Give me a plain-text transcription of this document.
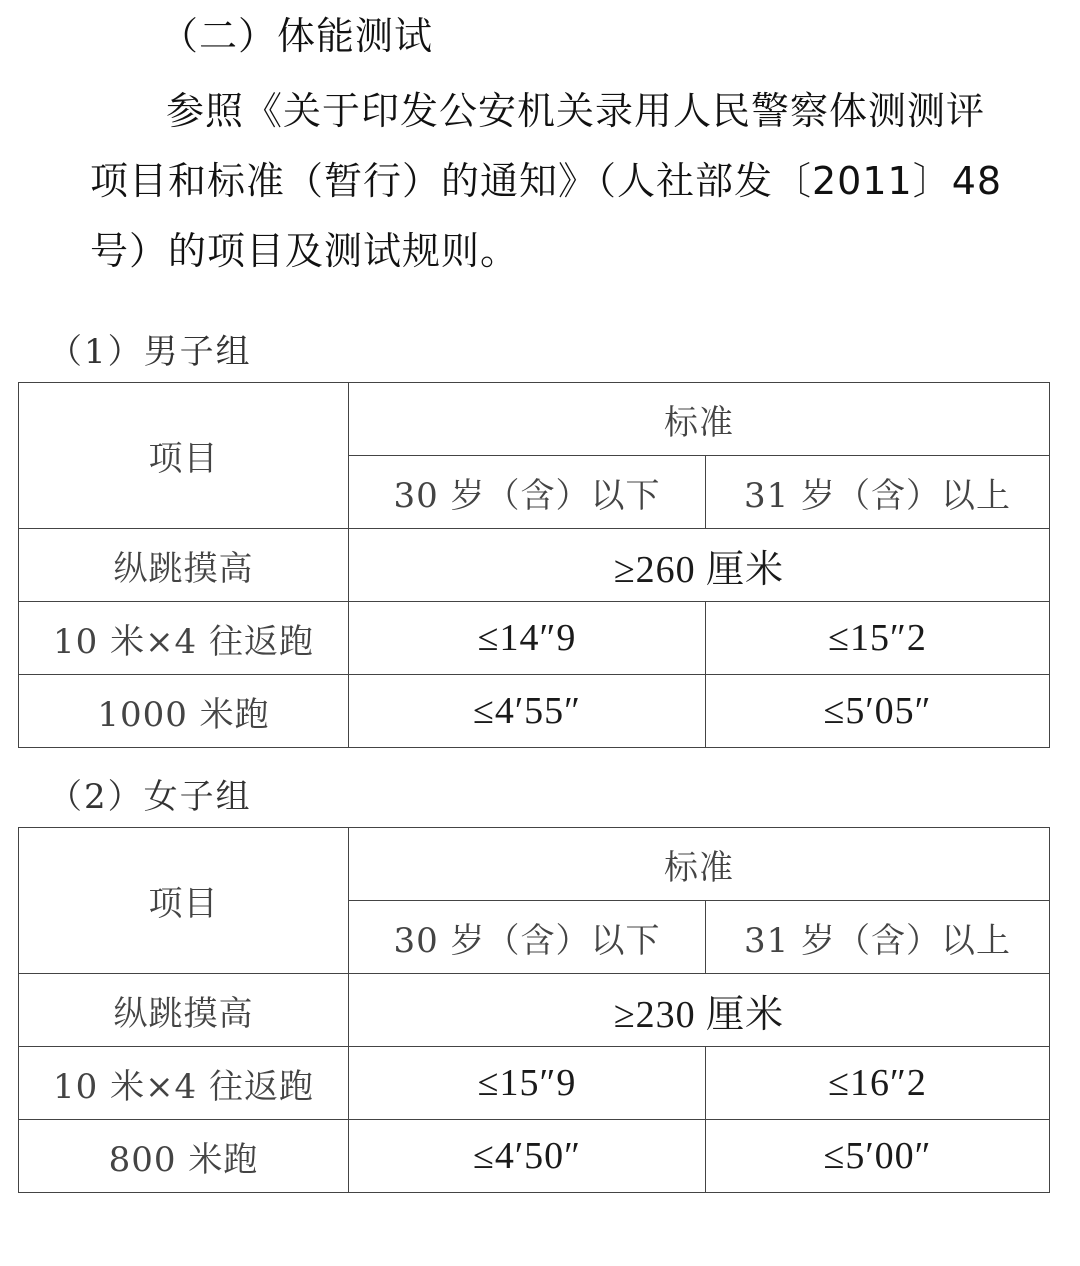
（二）体能测试
参照《关于印发公安机关录用人民警察体测测评项目和标准（暂行）的通知》（人社部发〔2011〕48号）的项目及测试规则。
（1）男子组
项目	标准	
	30 岁（含）以下	31 岁（含）以上
纵跳摸高	≥260 厘米	
10 米×4 往返跑	≤14″9	≤15″2
1000 米跑	≤4′55″	≤5′05″
（2）女子组
项目	标准	
	30 岁（含）以下	31 岁（含）以上
纵跳摸高	≥230 厘米	
10 米×4 往返跑	≤15″9	≤16″2
800 米跑	≤4′50″	≤5′00″
